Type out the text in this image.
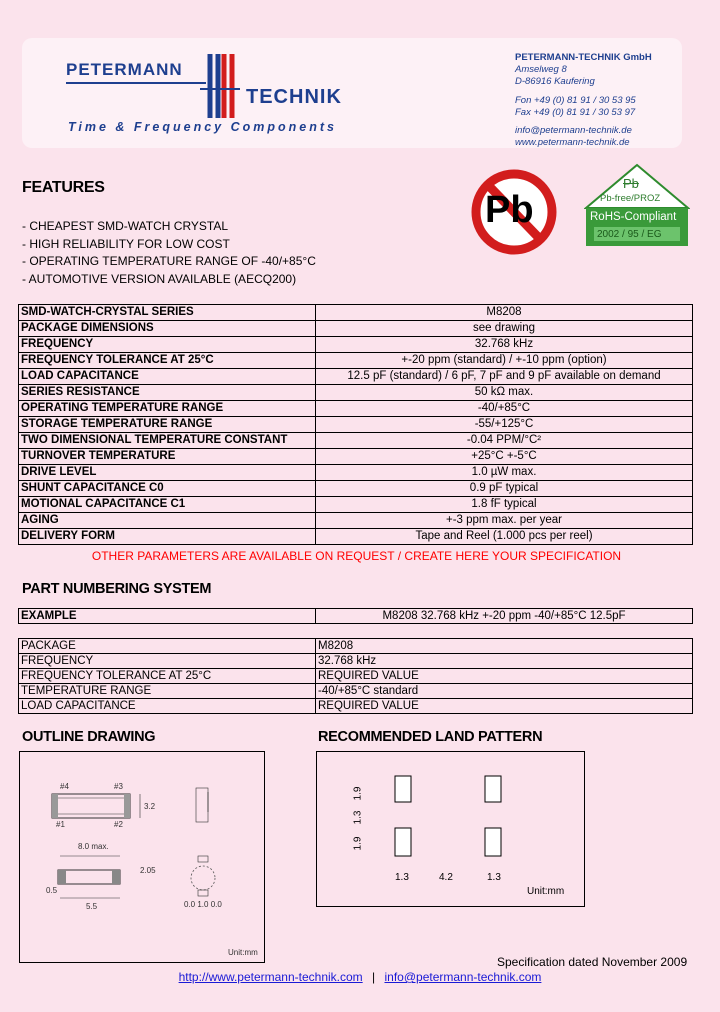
PETERMANN
TECHNIK
Time & Frequency Components
PETERMANN-TECHNIK GmbH
Amselweg 8
D-86916 Kaufering
Fon +49 (0) 81 91 / 30 53 95
Fax +49 (0) 81 91 / 30 53 97
info@petermann-technik.de
www.petermann-technik.de
FEATURES
- CHEAPEST SMD-WATCH CRYSTAL
- HIGH RELIABILITY FOR LOW COST
- OPERATING TEMPERATURE RANGE OF -40/+85°C
- AUTOMOTIVE VERSION AVAILABLE (AECQ200)
Pb
Pb
Pb-free/PROZ
RoHS-Compliant
2002 / 95 / EG
SMD-WATCH-CRYSTAL SERIES	M8208
PACKAGE DIMENSIONS	see drawing
FREQUENCY	32.768 kHz
FREQUENCY TOLERANCE AT 25°C	+-20 ppm (standard) / +-10 ppm (option)
LOAD CAPACITANCE	12.5 pF (standard) / 6 pF, 7 pF and 9 pF available on demand
SERIES RESISTANCE	50 kΩ max.
OPERATING TEMPERATURE RANGE	-40/+85°C
STORAGE TEMPERATURE RANGE	-55/+125°C
TWO DIMENSIONAL TEMPERATURE CONSTANT	-0.04 PPM/°C²
TURNOVER TEMPERATURE	+25°C +-5°C
DRIVE LEVEL	1.0 µW max.
SHUNT CAPACITANCE C0	0.9 pF typical
MOTIONAL CAPACITANCE C1	1.8 fF typical
AGING	+-3 ppm max. per year
DELIVERY FORM	Tape and Reel (1.000 pcs per reel)
OTHER PARAMETERS ARE AVAILABLE ON REQUEST / CREATE HERE YOUR SPECIFICATION
PART NUMBERING SYSTEM
EXAMPLE	M8208 32.768 kHz +-20 ppm -40/+85°C 12.5pF
PACKAGE	M8208
FREQUENCY	32.768 kHz
FREQUENCY TOLERANCE AT 25°C	REQUIRED VALUE
TEMPERATURE RANGE	-40/+85°C standard
LOAD CAPACITANCE	REQUIRED VALUE
OUTLINE DRAWING
#4	#3
#1	#2
3.2
8.0 max.
0.5
5.5
2.05
0.0 1.0 0.0
Unit:mm
RECOMMENDED LAND PATTERN
1.9
1.3
1.9
1.3	4.2	1.3
Unit:mm
Specification dated November 2009
http://www.petermann-technik.com | info@petermann-technik.com
